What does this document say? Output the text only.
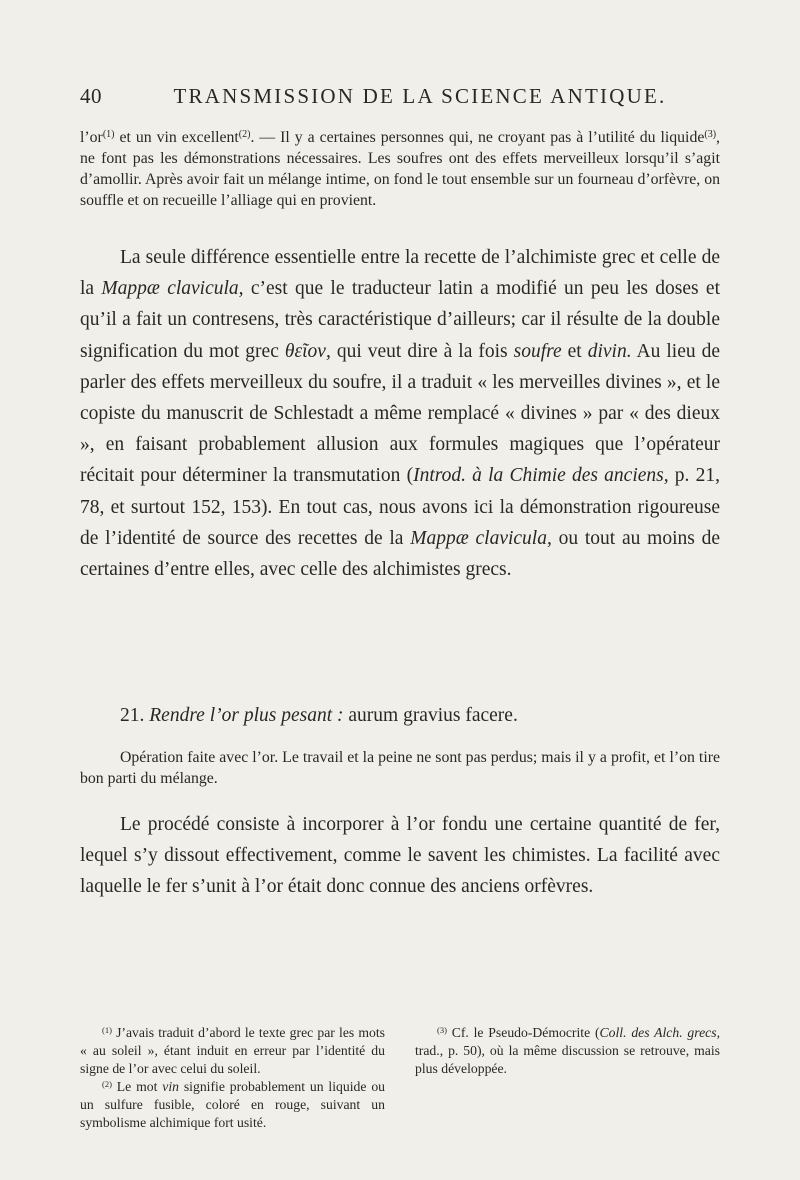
40	TRANSMISSION DE LA SCIENCE ANTIQUE.

$l’or^{(1)}$ et un vin excellent$^{(2)}$. — Il y a certaines personnes qui, ne croyant pas à l’utilité du liquide$^{(3)}$, ne font pas les démonstrations nécessaires. Les soufres ont des effets merveilleux lorsqu’il s’agit d’amollir. Après avoir fait un mélange intime, on fond le tout ensemble sur un fourneau d’orfèvre, on souffle et on recueille l’alliage qui en provient.

La seule différence essentielle entre la recette de l’alchimiste grec et celle de la Mappæ clavicula, c’est que le traducteur latin a modifié un peu les doses et qu’il a fait un contresens, très caractéristique d’ailleurs; car il résulte de la double signification du mot grec θεῖον, qui veut dire à la fois soufre et divin. Au lieu de parler des effets merveilleux du soufre, il a traduit « les merveilles divines », et le copiste du manuscrit de Schlestadt a même remplacé « divines » par « des dieux », en faisant probablement allusion aux formules magiques que l’opérateur récitait pour déterminer la transmutation (Introd. à la Chimie des anciens, p. 21, 78, et surtout 152, 153). En tout cas, nous avons ici la démonstration rigoureuse de l’identité de source des recettes de la Mappæ clavicula, ou tout au moins de certaines d’entre elles, avec celle des alchimistes grecs.

21. Rendre l’or plus pesant : aurum gravius facere.

Opération faite avec l’or. Le travail et la peine ne sont pas perdus; mais il y a profit, et l’on tire bon parti du mélange.

Le procédé consiste à incorporer à l’or fondu une certaine quantité de fer, lequel s’y dissout effectivement, comme le savent les chimistes. La facilité avec laquelle le fer s’unit à l’or était donc connue des anciens orfèvres.

$^{(1)}$ J’avais traduit d’abord le texte grec par les mots « au soleil », étant induit en erreur par l’identité du signe de l’or avec celui du soleil.

$^{(2)}$ Le mot vin signifie probablement un liquide ou un sulfure fusible, coloré en rouge, suivant un symbolisme alchimique fort usité.

$^{(3)}$ Cf. le Pseudo-Démocrite (Coll. des Alch. grecs, trad., p. 50), où la même discussion se retrouve, mais plus développée.
